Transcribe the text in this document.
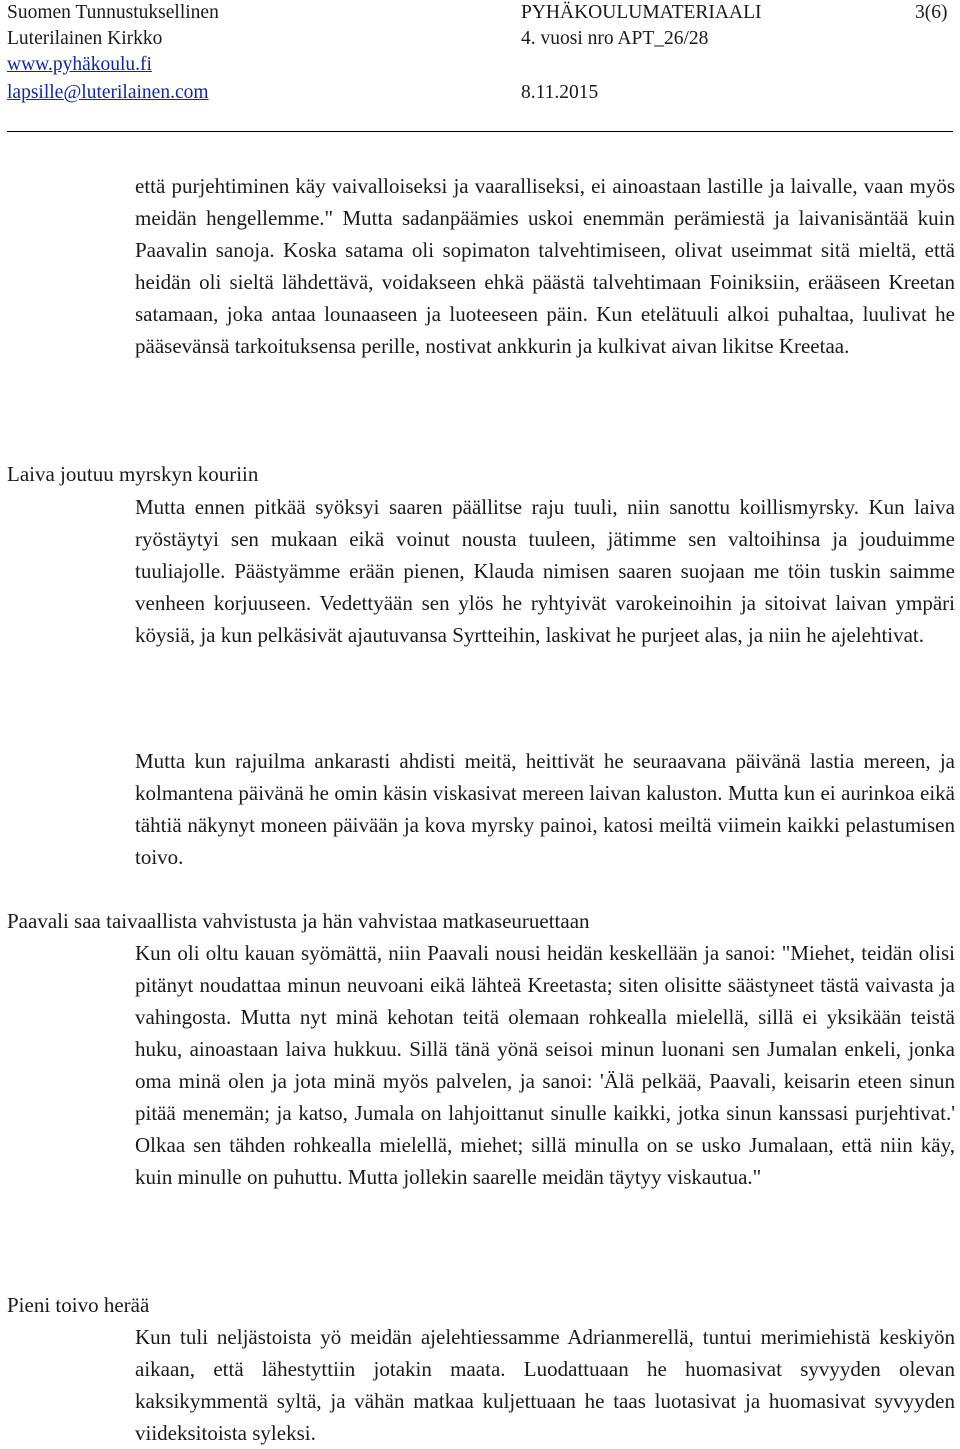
Suomen Tunnustuksellinen
Luterilainen Kirkko
www.pyhäkoulu.fi
lapsille@luterilainen.com
PYHÄKOULUMATERIAALI
4. vuosi nro APT_26/28
8.11.2015
3(6)
että purjehtiminen käy vaivalloiseksi ja vaaralliseksi, ei ainoastaan lastille ja laivalle, vaan myös meidän hengellemme." Mutta sadanpäämies uskoi enemmän perämiestä ja laivanisäntää kuin Paavalin sanoja. Koska satama oli sopimaton talvehtimiseen, olivat useimmat sitä mieltä, että heidän oli sieltä lähdettävä, voidakseen ehkä päästä talvehtimaan Foiniksiin, erääseen Kreetan satamaan, joka antaa lounaaseen ja luoteeseen päin. Kun etelätuuli alkoi puhaltaa, luulivat he pääsevänsä tarkoituksensa perille, nostivat ankkurin ja kulkivat aivan likitse Kreetaa.
Laiva joutuu myrskyn kouriin
Mutta ennen pitkää syöksyi saaren päällitse raju tuuli, niin sanottu koillismyrsky. Kun laiva ryöstäytyi sen mukaan eikä voinut nousta tuuleen, jätimme sen valtoihinsa ja jouduimme tuuliajolle. Päästyämme erään pienen, Klauda nimisen saaren suojaan me töin tuskin saimme venheen korjuuseen. Vedettyään sen ylös he ryhtyivät varokeinoihin ja sitoivat laivan ympäri köysiä, ja kun pelkäsivät ajautuvansa Syrtteihin, laskivat he purjeet alas, ja niin he ajelehtivat.
Mutta kun rajuilma ankarasti ahdisti meitä, heittivät he seuraavana päivänä lastia mereen, ja kolmantena päivänä he omin käsin viskasivat mereen laivan kaluston. Mutta kun ei aurinkoa eikä tähtiä näkynyt moneen päivään ja kova myrsky painoi, katosi meiltä viimein kaikki pelastumisen toivo.
Paavali saa taivaallista vahvistusta ja hän vahvistaa matkaseuruettaan
Kun oli oltu kauan syömättä, niin Paavali nousi heidän keskellään ja sanoi: "Miehet, teidän olisi pitänyt noudattaa minun neuvoani eikä lähteä Kreetasta; siten olisitte säästyneet tästä vaivasta ja vahingosta. Mutta nyt minä kehotan teitä olemaan rohkealla mielellä, sillä ei yksikään teistä huku, ainoastaan laiva hukkuu. Sillä tänä yönä seisoi minun luonani sen Jumalan enkeli, jonka oma minä olen ja jota minä myös palvelen, ja sanoi: 'Älä pelkää, Paavali, keisarin eteen sinun pitää menemän; ja katso, Jumala on lahjoittanut sinulle kaikki, jotka sinun kanssasi purjehtivat.' Olkaa sen tähden rohkealla mielellä, miehet; sillä minulla on se usko Jumalaan, että niin käy, kuin minulle on puhuttu. Mutta jollekin saarelle meidän täytyy viskautua."
Pieni toivo herää
Kun tuli neljästoista yö meidän ajelehtiessamme Adrianmerellä, tuntui merimiehistä keskiyön aikaan, että lähestyttiin jotakin maata. Luodattuaan he huomasivat syvyyden olevan kaksikymmentä syltä, ja vähän matkaa kuljettuaan he taas luotasivat ja huomasivat syvyyden viideksitoista syleksi.
